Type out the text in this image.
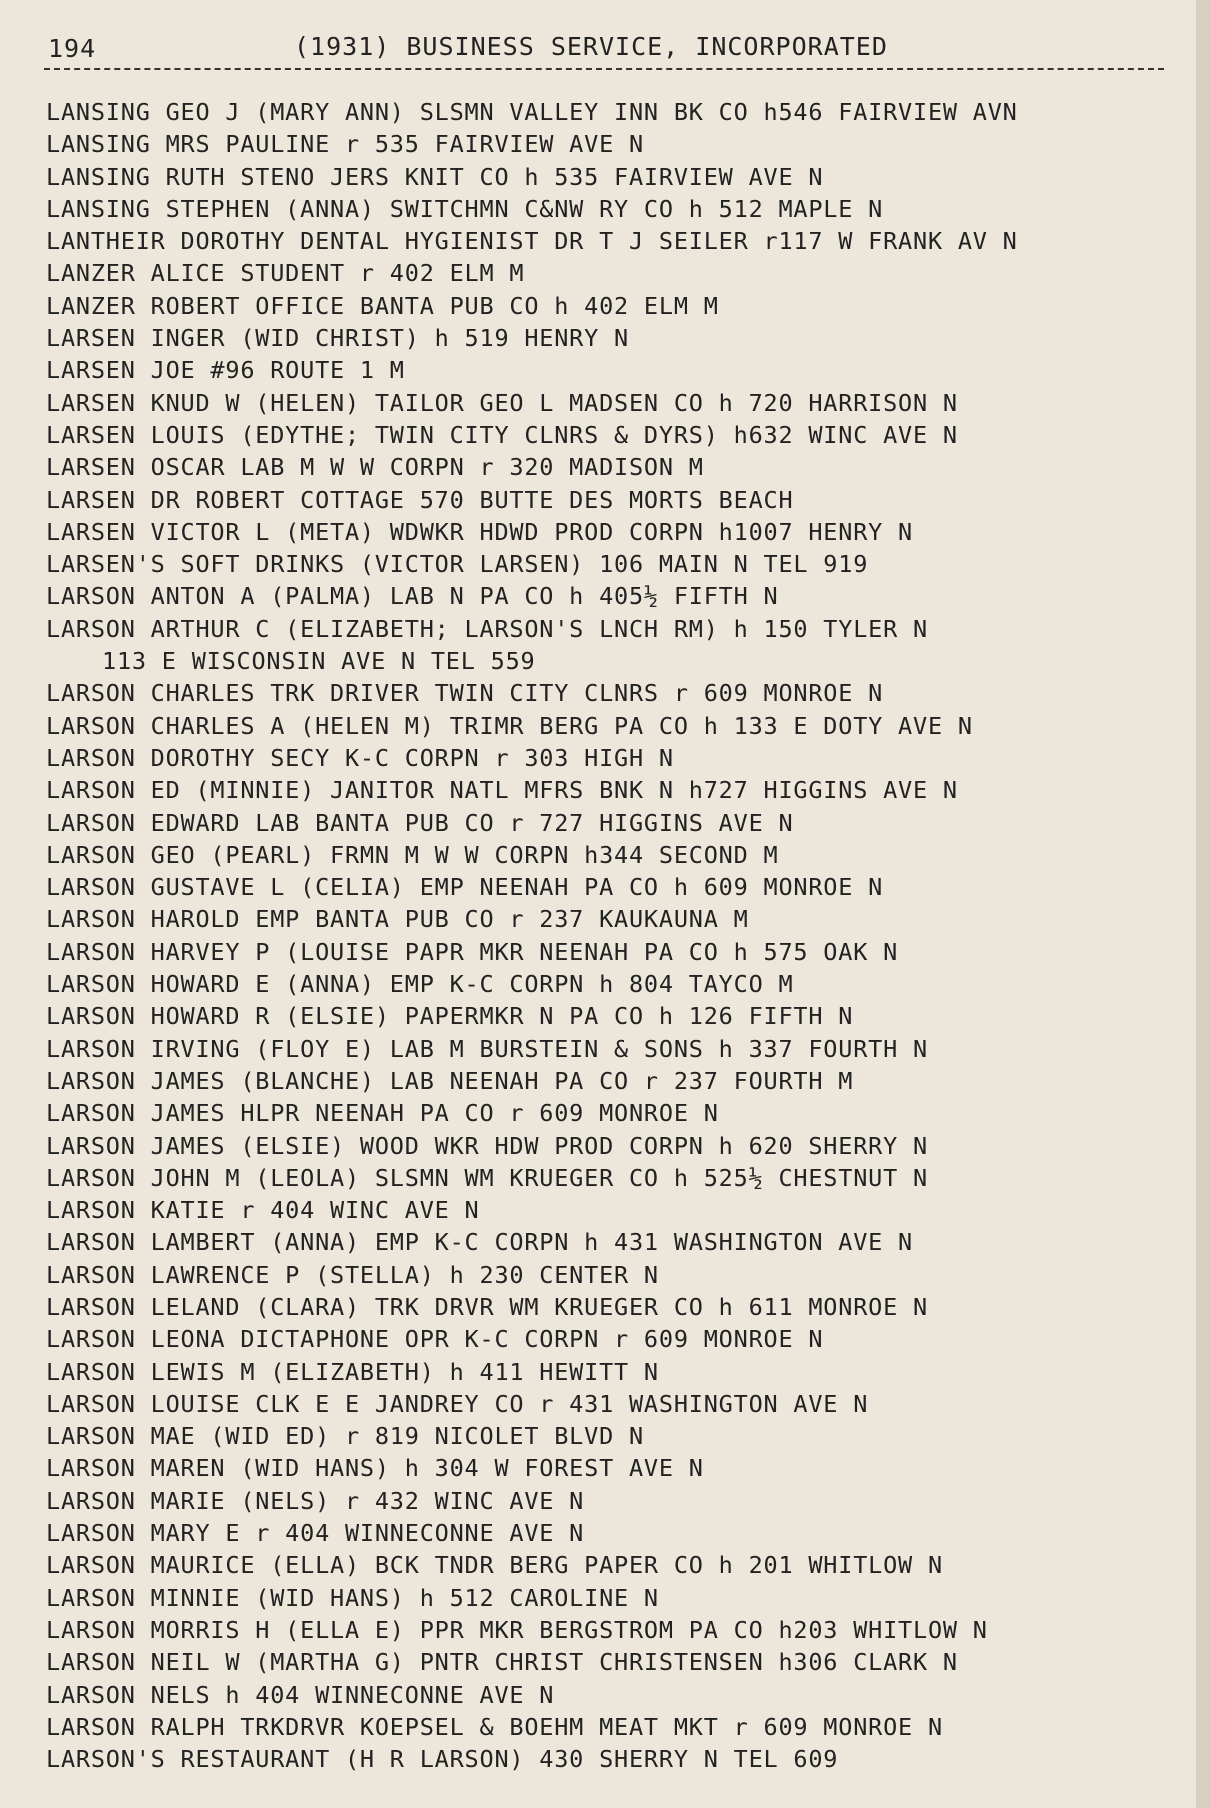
194	(1931) BUSINESS SERVICE, INCORPORATED
LANSING GEO J (MARY ANN) SLSMN VALLEY INN BK CO h546 FAIRVIEW AVN
LANSING MRS PAULINE r 535 FAIRVIEW AVE N
LANSING RUTH STENO JERS KNIT CO h 535 FAIRVIEW AVE N
LANSING STEPHEN (ANNA) SWITCHMN C&NW RY CO h 512 MAPLE N
LANTHEIR DOROTHY DENTAL HYGIENIST DR T J SEILER r117 W FRANK AV N
LANZER ALICE STUDENT r 402 ELM M
LANZER ROBERT OFFICE BANTA PUB CO h 402 ELM M
LARSEN INGER (WID CHRIST) h 519 HENRY N
LARSEN JOE #96 ROUTE 1 M
LARSEN KNUD W (HELEN) TAILOR GEO L MADSEN CO h 720 HARRISON N
LARSEN LOUIS (EDYTHE; TWIN CITY CLNRS & DYRS) h632 WINC AVE N
LARSEN OSCAR LAB M W W CORPN r 320 MADISON M
LARSEN DR ROBERT COTTAGE 570 BUTTE DES MORTS BEACH
LARSEN VICTOR L (META) WDWKR HDWD PROD CORPN h1007 HENRY N
LARSEN'S SOFT DRINKS (VICTOR LARSEN) 106 MAIN N TEL 919
LARSON ANTON A (PALMA) LAB N PA CO h 405½ FIFTH N
LARSON ARTHUR C (ELIZABETH; LARSON'S LNCH RM) h 150 TYLER N
113 E WISCONSIN AVE N TEL 559
LARSON CHARLES TRK DRIVER TWIN CITY CLNRS r 609 MONROE N
LARSON CHARLES A (HELEN M) TRIMR BERG PA CO h 133 E DOTY AVE N
LARSON DOROTHY SECY K-C CORPN r 303 HIGH N
LARSON ED (MINNIE) JANITOR NATL MFRS BNK N h727 HIGGINS AVE N
LARSON EDWARD LAB BANTA PUB CO r 727 HIGGINS AVE N
LARSON GEO (PEARL) FRMN M W W CORPN h344 SECOND M
LARSON GUSTAVE L (CELIA) EMP NEENAH PA CO h 609 MONROE N
LARSON HAROLD EMP BANTA PUB CO r 237 KAUKAUNA M
LARSON HARVEY P (LOUISE PAPR MKR NEENAH PA CO h 575 OAK N
LARSON HOWARD E (ANNA) EMP K-C CORPN h 804 TAYCO M
LARSON HOWARD R (ELSIE) PAPERMKR N PA CO h 126 FIFTH N
LARSON IRVING (FLOY E) LAB M BURSTEIN & SONS h 337 FOURTH N
LARSON JAMES (BLANCHE) LAB NEENAH PA CO r 237 FOURTH M
LARSON JAMES HLPR NEENAH PA CO r 609 MONROE N
LARSON JAMES (ELSIE) WOOD WKR HDW PROD CORPN h 620 SHERRY N
LARSON JOHN M (LEOLA) SLSMN WM KRUEGER CO h 525½ CHESTNUT N
LARSON KATIE r 404 WINC AVE N
LARSON LAMBERT (ANNA) EMP K-C CORPN h 431 WASHINGTON AVE N
LARSON LAWRENCE P (STELLA) h 230 CENTER N
LARSON LELAND (CLARA) TRK DRVR WM KRUEGER CO h 611 MONROE N
LARSON LEONA DICTAPHONE OPR K-C CORPN r 609 MONROE N
LARSON LEWIS M (ELIZABETH) h 411 HEWITT N
LARSON LOUISE CLK E E JANDREY CO r 431 WASHINGTON AVE N
LARSON MAE (WID ED) r 819 NICOLET BLVD N
LARSON MAREN (WID HANS) h 304 W FOREST AVE N
LARSON MARIE (NELS) r 432 WINC AVE N
LARSON MARY E r 404 WINNECONNE AVE N
LARSON MAURICE (ELLA) BCK TNDR BERG PAPER CO h 201 WHITLOW N
LARSON MINNIE (WID HANS) h 512 CAROLINE N
LARSON MORRIS H (ELLA E) PPR MKR BERGSTROM PA CO h203 WHITLOW N
LARSON NEIL W (MARTHA G) PNTR CHRIST CHRISTENSEN h306 CLARK N
LARSON NELS h 404 WINNECONNE AVE N
LARSON RALPH TRKDRVR KOEPSEL & BOEHM MEAT MKT r 609 MONROE N
LARSON'S RESTAURANT (H R LARSON) 430 SHERRY N TEL 609
